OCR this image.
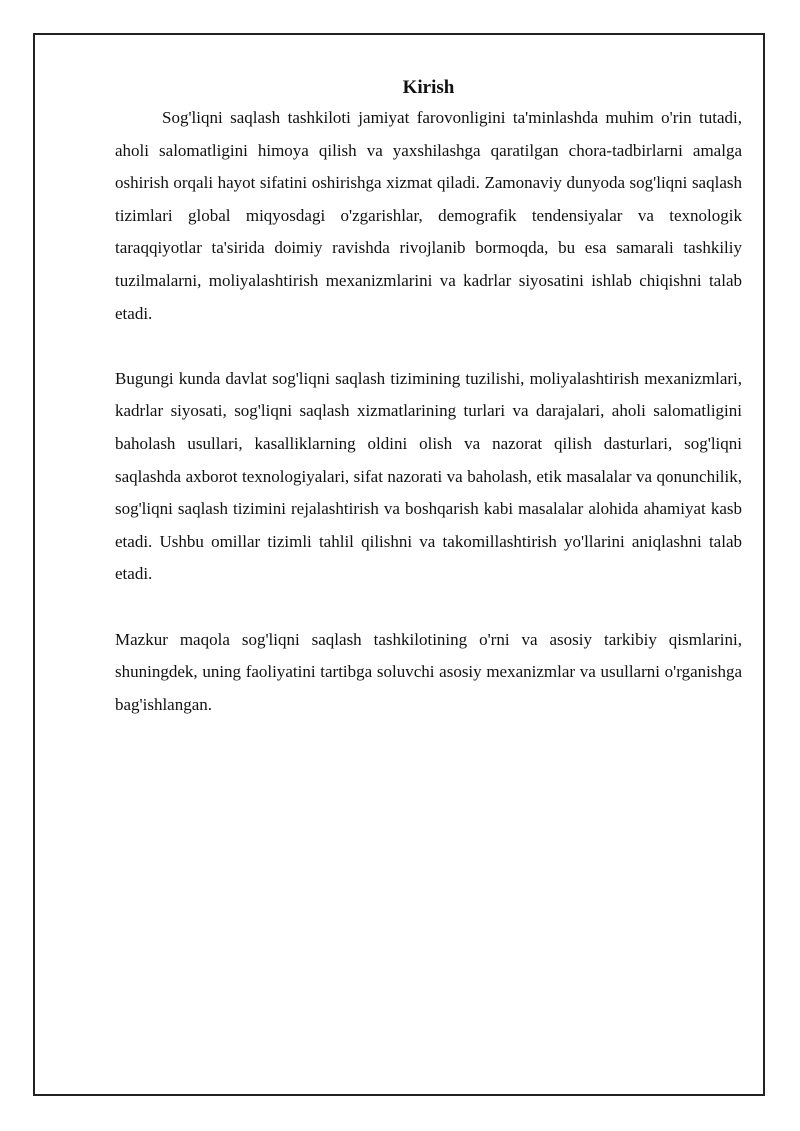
Kirish

Sog'liqni saqlash tashkiloti jamiyat farovonligini ta'minlashda muhim o'rin tutadi, aholi salomatligini himoya qilish va yaxshilashga qaratilgan chora-tadbirlarni amalga oshirish orqali hayot sifatini oshirishga xizmat qiladi. Zamonaviy dunyoda sog'liqni saqlash tizimlari global miqyosdagi o'zgarishlar, demografik tendensiyalar va texnologik taraqqiyotlar ta'sirida doimiy ravishda rivojlanib bormoqda, bu esa samarali tashkiliy tuzilmalarni, moliyalashtirish mexanizmlarini va kadrlar siyosatini ishlab chiqishni talab etadi.

Bugungi kunda davlat sog'liqni saqlash tizimining tuzilishi, moliyalashtirish mexanizmlari, kadrlar siyosati, sog'liqni saqlash xizmatlarining turlari va darajalari, aholi salomatligini baholash usullari, kasalliklarning oldini olish va nazorat qilish dasturlari, sog'liqni saqlashda axborot texnologiyalari, sifat nazorati va baholash, etik masalalar va qonunchilik, sog'liqni saqlash tizimini rejalashtirish va boshqarish kabi masalalar alohida ahamiyat kasb etadi. Ushbu omillar tizimli tahlil qilishni va takomillashtirish yo'llarini aniqlashni talab etadi.

Mazkur maqola sog'liqni saqlash tashkilotining o'rni va asosiy tarkibiy qismlarini, shuningdek, uning faoliyatini tartibga soluvchi asosiy mexanizmlar va usullarni o'rganishga bag'ishlangan.
